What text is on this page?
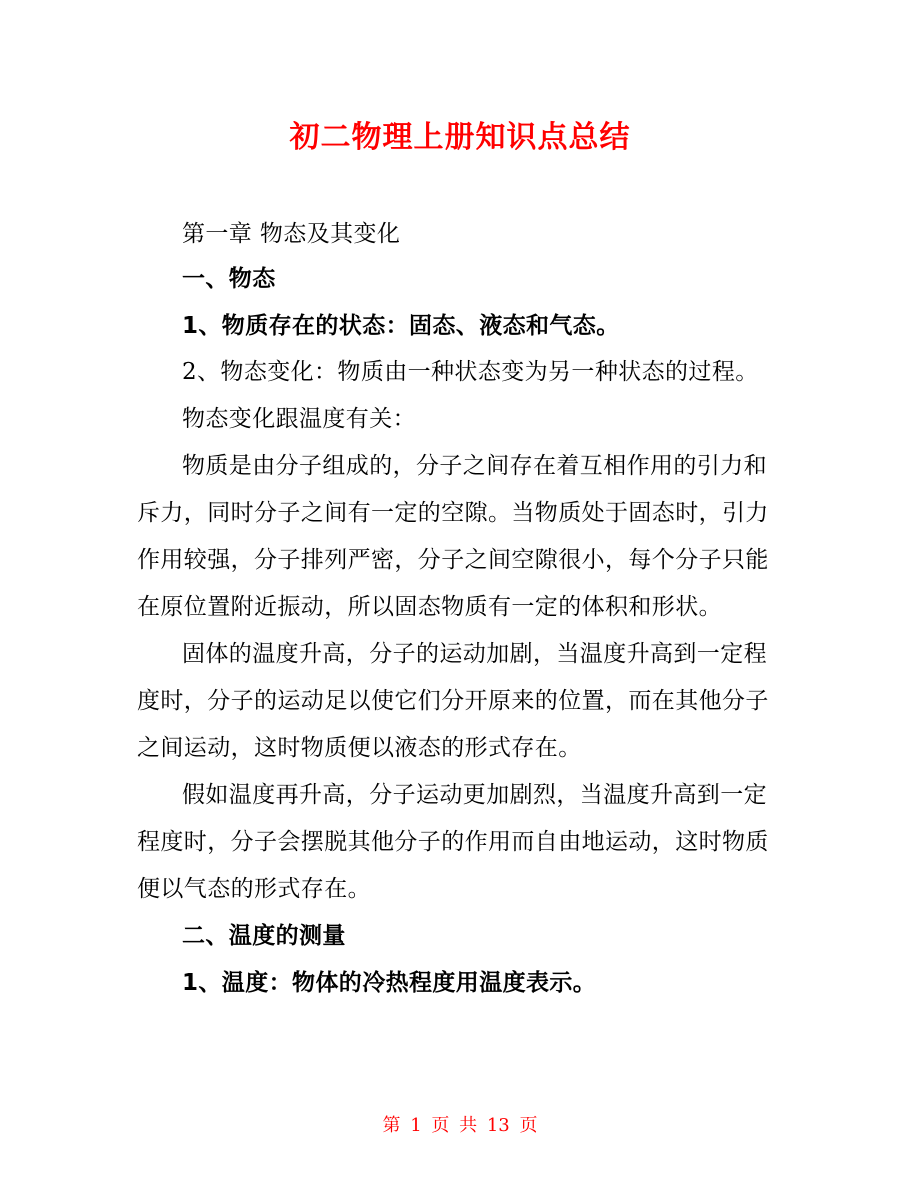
初二物理上册知识点总结
第一章 物态及其变化
一、物态
1、物质存在的状态：固态、液态和气态。
2、物态变化：物质由一种状态变为另一种状态的过程。
物态变化跟温度有关：
物质是由分子组成的，分子之间存在着互相作用的引力和
斥力，同时分子之间有一定的空隙。当物质处于固态时，引力
作用较强，分子排列严密，分子之间空隙很小，每个分子只能
在原位置附近振动，所以固态物质有一定的体积和形状。
固体的温度升高，分子的运动加剧，当温度升高到一定程
度时，分子的运动足以使它们分开原来的位置，而在其他分子
之间运动，这时物质便以液态的形式存在。
假如温度再升高，分子运动更加剧烈，当温度升高到一定
程度时，分子会摆脱其他分子的作用而自由地运动，这时物质
便以气态的形式存在。
二、温度的测量
1、温度：物体的冷热程度用温度表示。
第 1 页 共 13 页
